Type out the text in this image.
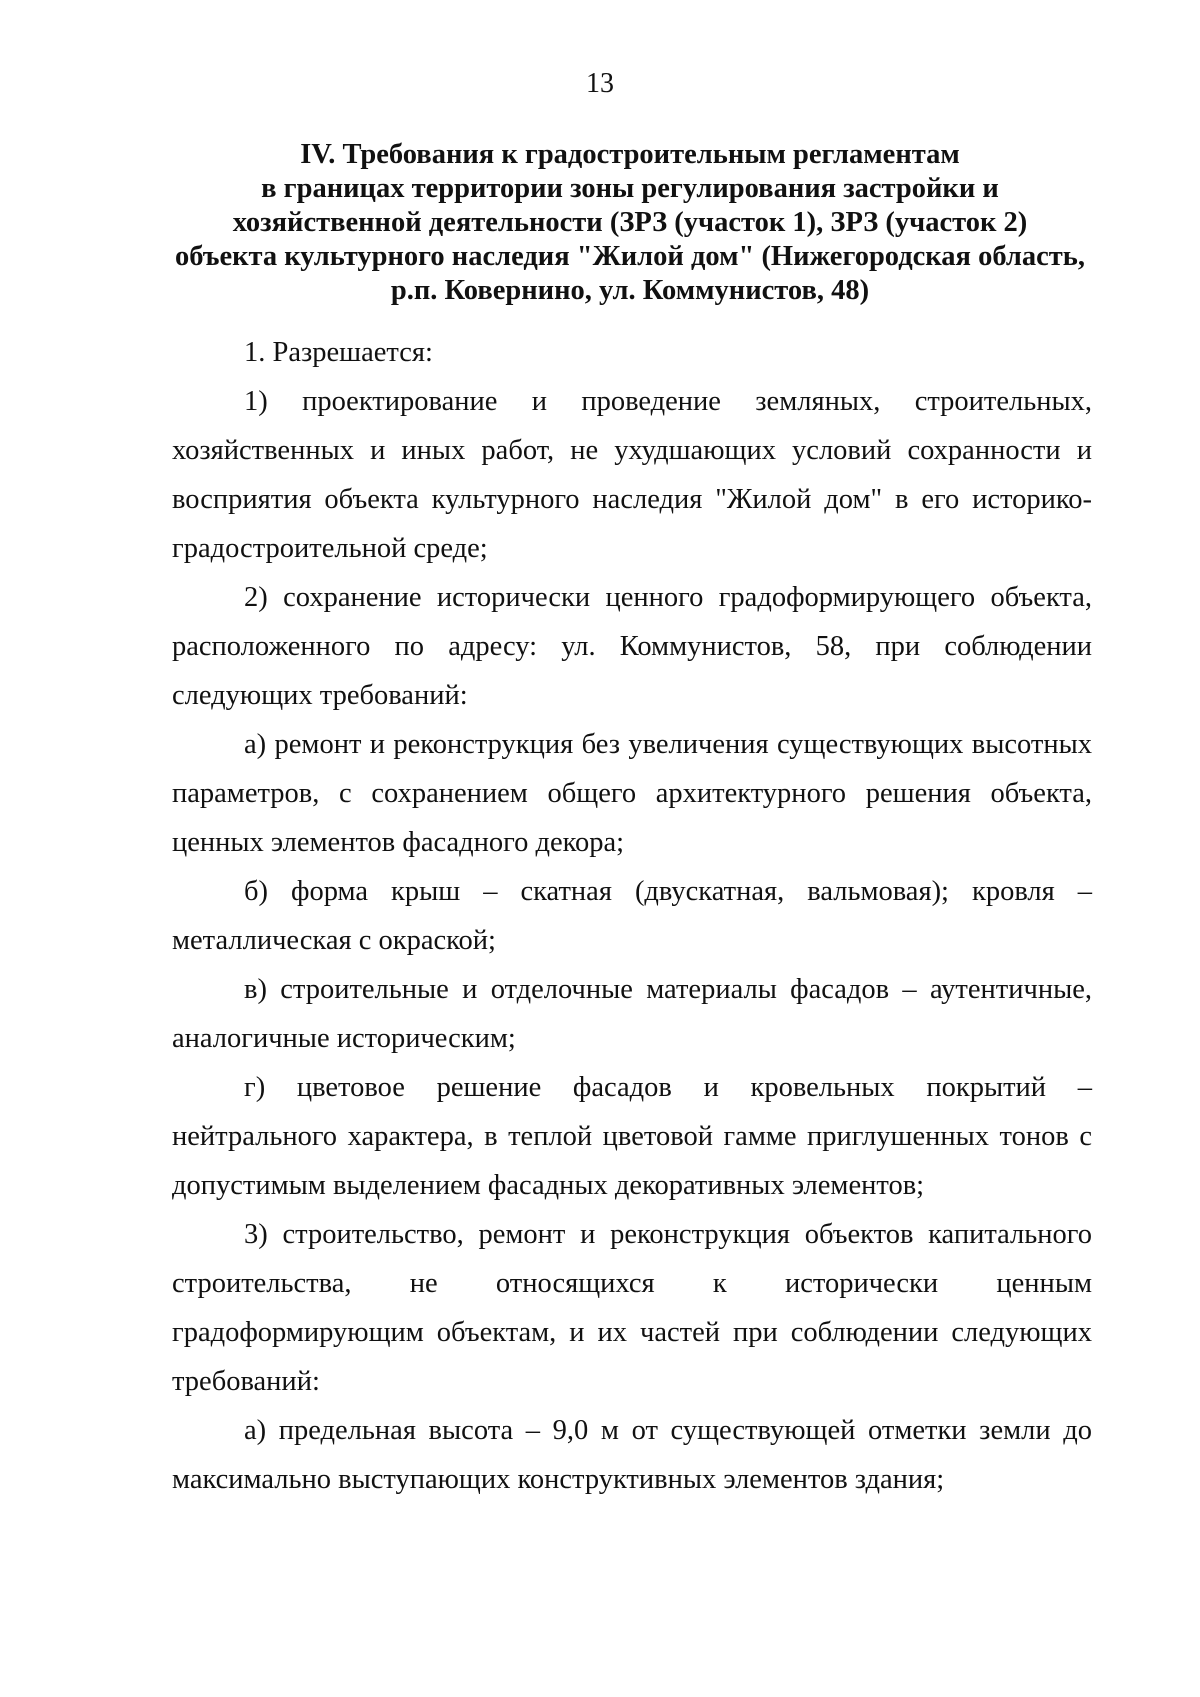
13
IV. Требования к градостроительным регламентам
в границах территории зоны регулирования застройки и
хозяйственной деятельности (ЗРЗ (участок 1), ЗРЗ (участок 2)
объекта культурного наследия "Жилой дом" (Нижегородская область,
р.п. Ковернино, ул. Коммунистов, 48)

1. Разрешается:

1) проектирование и проведение земляных, строительных, хозяйственных и иных работ, не ухудшающих условий сохранности и восприятия объекта культурного наследия "Жилой дом" в его историко-градостроительной среде;

2) сохранение исторически ценного градоформирующего объекта, расположенного по адресу: ул. Коммунистов, 58, при соблюдении следующих требований:

а) ремонт и реконструкция без увеличения существующих высотных параметров, с сохранением общего архитектурного решения объекта, ценных элементов фасадного декора;

б) форма крыш – скатная (двускатная, вальмовая); кровля – металлическая с окраской;

в) строительные и отделочные материалы фасадов – аутентичные, аналогичные историческим;

г) цветовое решение фасадов и кровельных покрытий – нейтрального характера, в теплой цветовой гамме приглушенных тонов с допустимым выделением фасадных декоративных элементов;

3) строительство, ремонт и реконструкция объектов капитального строительства, не относящихся к исторически ценным градоформирующим объектам, и их частей при соблюдении следующих требований:

а) предельная высота – 9,0 м от существующей отметки земли до максимально выступающих конструктивных элементов здания;
